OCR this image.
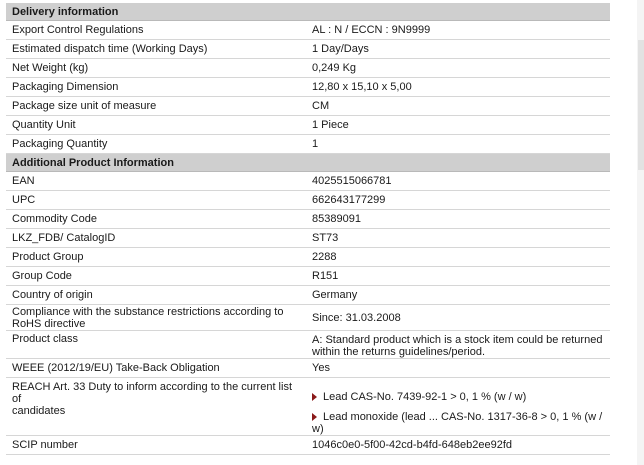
Delivery information	
Export Control Regulations	AL : N / ECCN : 9N9999
Estimated dispatch time (Working Days)	1 Day/Days
Net Weight (kg)	0,249 Kg
Packaging Dimension	12,80 x 15,10 x 5,00
Package size unit of measure	CM
Quantity Unit	1 Piece
Packaging Quantity	1
Additional Product Information	
EAN	4025515066781
UPC	662643177299
Commodity Code	85389091
LKZ_FDB/ CatalogID	ST73
Product Group	2288
Group Code	R151
Country of origin	Germany

Compliance with the substance restrictions according to
RoHS directive	Since: 31.03.2008
Product class	A: Standard product which is a stock item could be returned
within the returns guidelines/period.

WEEE (2012/19/EU) Take-Back Obligation	Yes

REACH Art. 33 Duty to inform according to the current list of
candidates	Lead CAS-No. 7439-92-1 > 0, 1 % (w / w)
	Lead monoxide (lead ... CAS-No. 1317-36-8 > 0, 1 % (w / w)
SCIP number	1046c0e0-5f00-42cd-b4fd-648eb2ee92fd
